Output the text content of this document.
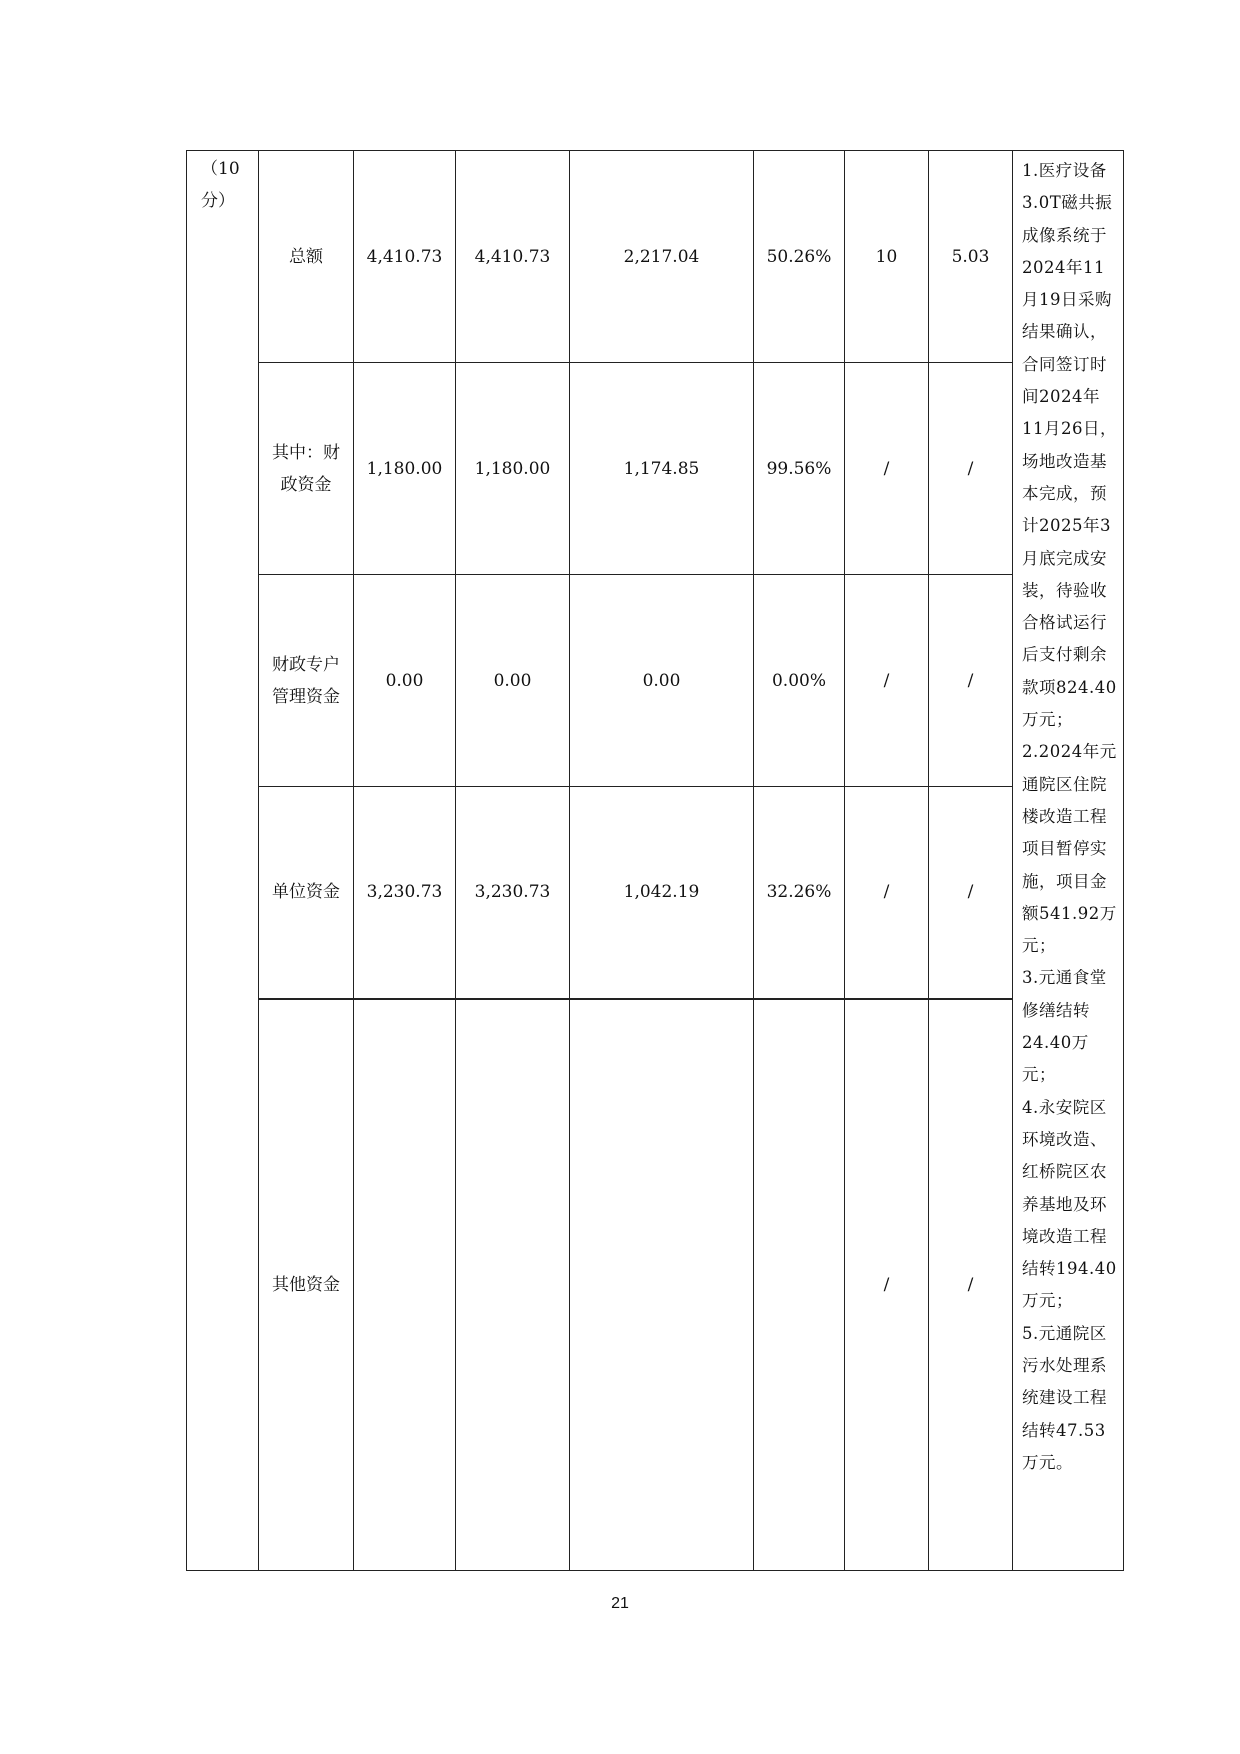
（10分）	总额	4,410.73	4,410.73	2,217.04	50.26%	10	5.03	1.医疗设备3.0T磁共振成像系统于2024年11月19日采购结果确认，合同签订时间2024年11月26日，场地改造基本完成，预计2025年3月底完成安装，待验收合格试运行后支付剩余款项824.40万元；

2.2024年元通院区住院楼改造工程项目暂停实施，项目金额541.92万元；

3.元通食堂修缮结转24.40万元；

4.永安院区环境改造、红桥院区农养基地及环境改造工程结转194.40万元；

5.元通院区污水处理系统建设工程结转47.53万元。

	其中：财政资金	1,180.00	1,180.00	1,174.85	99.56%	/	/	
	财政专户管理资金	0.00	0.00	0.00	0.00%	/	/	
	单位资金	3,230.73	3,230.73	1,042.19	32.26%	/	/	
	其他资金					/	/	
21
